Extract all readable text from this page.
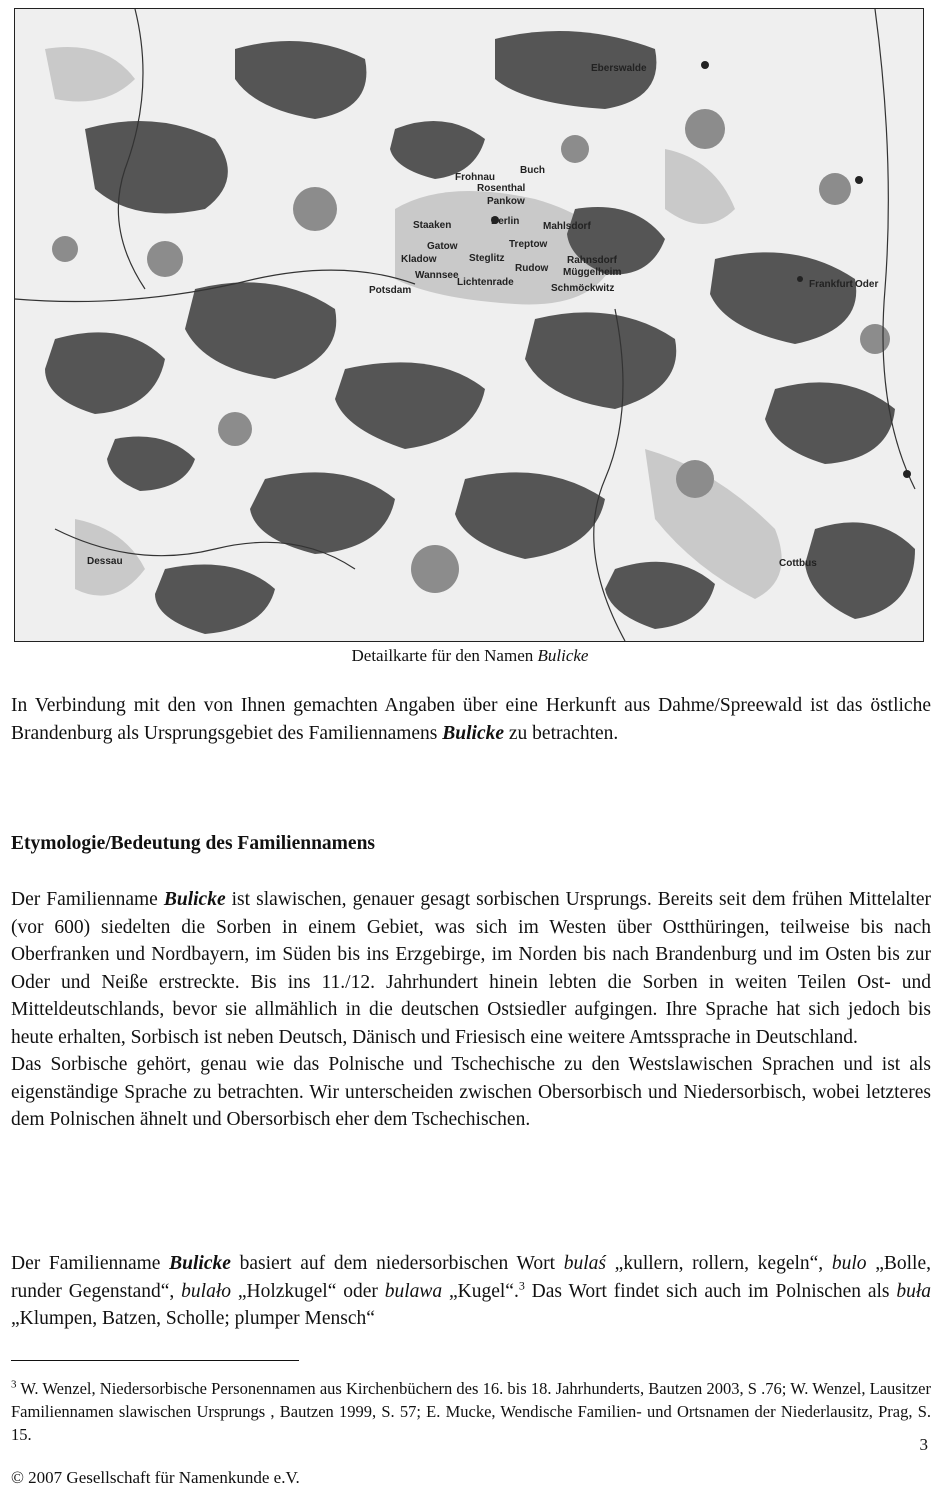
Eberswalde
Frohnau
Buch
Rosenthal
Pankow
Staaken	Berlin Mahlsdorf
Gatow	Treptow
Kladow	Steglitz	Rahnsdorf
Wannsee
Rudow Müggelheim
Potsdam
Lichtenrade
Schmöckwitz	Frankfurt Oder
Dessau	Cottbus
Detailkarte für den Namen Bulicke

In Verbindung mit den von Ihnen gemachten Angaben über eine Herkunft aus Dahme/Spreewald ist das östliche Brandenburg als Ursprungsgebiet des Familiennamens Bulicke zu betrachten.

Etymologie/Bedeutung des Familiennamens

Der Familienname Bulicke ist slawischen, genauer gesagt sorbischen Ursprungs. Bereits seit dem frühen Mittelalter (vor 600) siedelten die Sorben in einem Gebiet, was sich im Westen über Ostthüringen, teilweise bis nach Oberfranken und Nordbayern, im Süden bis ins Erzgebirge, im Norden bis nach Brandenburg und im Osten bis zur Oder und Neiße erstreckte. Bis ins 11./12. Jahrhundert hinein lebten die Sorben in weiten Teilen Ost- und Mitteldeutschlands, bevor sie allmählich in die deutschen Ostsiedler aufgingen. Ihre Sprache hat sich jedoch bis heute erhalten, Sorbisch ist neben Deutsch, Dänisch und Friesisch eine weitere Amtssprache in Deutschland.
Das Sorbische gehört, genau wie das Polnische und Tschechische zu den Westslawischen Sprachen und ist als eigenständige Sprache zu betrachten. Wir unterscheiden zwischen Obersorbisch und Niedersorbisch, wobei letzteres dem Polnischen ähnelt und Obersorbisch eher dem Tschechischen.

Der Familienname Bulicke basiert auf dem niedersorbischen Wort bulaś „kullern, rollern, kegeln“, bulo „Bolle, runder Gegenstand“, bulało „Holzkugel“ oder bulawa „Kugel“.$^3$ Das Wort findet sich auch im Polnischen als buła „Klumpen, Batzen, Scholle; plumper Mensch“

$^3$ W. Wenzel, Niedersorbische Personennamen aus Kirchenbüchern des 16. bis 18. Jahrhunderts, Bautzen 2003, S .76; W. Wenzel, Lausitzer Familiennamen slawischen Ursprungs , Bautzen 1999, S. 57; E. Mucke, Wendische Familien- und Ortsnamen der Niederlausitz, Prag, S. 15.

3
© 2007 Gesellschaft für Namenkunde e.V.
